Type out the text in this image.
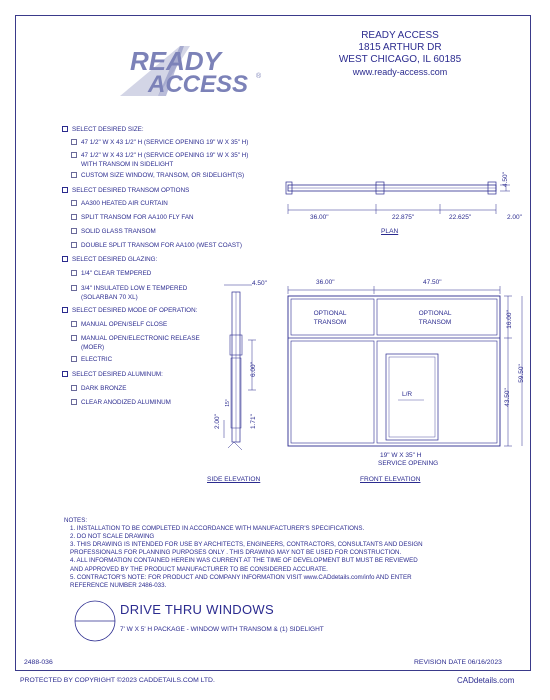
READY
ACCESS ®
READY ACCESS
1815 ARTHUR DR
WEST CHICAGO, IL 60185
www.ready-access.com
SELECT DESIRED SIZE:
47 1/2" W X 43 1/2" H (SERVICE OPENING 19" W X 35" H)
47 1/2" W X 43 1/2" H (SERVICE OPENING 19" W X 35" H)
WITH TRANSOM IN SIDELIGHT
CUSTOM SIZE WINDOW, TRANSOM, OR SIDELIGHT(S)
SELECT DESIRED TRANSOM OPTIONS
AA300 HEATED AIR CURTAIN
SPLIT TRANSOM FOR AA100 FLY FAN
SOLID GLASS TRANSOM
DOUBLE SPLIT TRANSOM FOR AA100 (WEST COAST)
SELECT DESIRED GLAZING:
1/4" CLEAR TEMPERED
3/4" INSULATED LOW E TEMPERED
(SOLARBAN 70 XL)
SELECT DESIRED MODE OF OPERATION:
MANUAL OPEN/SELF CLOSE
MANUAL OPEN/ELECTRONIC RELEASE
(MOER)
ELECTRIC
SELECT DESIRED ALUMINUM:
DARK BRONZE
CLEAR ANODIZED ALUMINUM
4.50"
36.00"	22.875"	22.625"	2.00"
PLAN
4.50"
6.00"
2.00"	1.71"
15°
SIDE ELEVATION
36.00"	47.50"
16.00"
59.50"
43.50"
OPTIONAL TRANSOM
OPTIONAL TRANSOM
L/R
19" W X 35" H
SERVICE OPENING
FRONT ELEVATION
NOTES:
1. INSTALLATION TO BE COMPLETED IN ACCORDANCE WITH MANUFACTURER'S SPECIFICATIONS.
2. DO NOT SCALE DRAWING
3. THIS DRAWING IS INTENDED FOR USE BY ARCHITECTS, ENGINEERS, CONTRACTORS, CONSULTANTS AND DESIGN
PROFESSIONALS FOR PLANNING PURPOSES ONLY . THIS DRAWING MAY NOT BE USED FOR CONSTRUCTION.
4. ALL INFORMATION CONTAINED HEREIN WAS CURRENT AT THE TIME OF DEVELOPMENT BUT MUST BE REVIEWED
AND APPROVED BY THE PRODUCT MANUFACTURER TO BE CONSIDERED ACCURATE.
5. CONTRACTOR'S NOTE: FOR PRODUCT AND COMPANY INFORMATION VISIT www.CADdetails.com/info AND ENTER
REFERENCE NUMBER 2486-033.
DRIVE THRU WINDOWS
7' W X 5' H PACKAGE - WINDOW WITH TRANSOM & (1) SIDELIGHT
2488-036	REVISION DATE 06/16/2023
PROTECTED BY COPYRIGHT ©2023 CADDETAILS.COM LTD.	CADdetails.com
